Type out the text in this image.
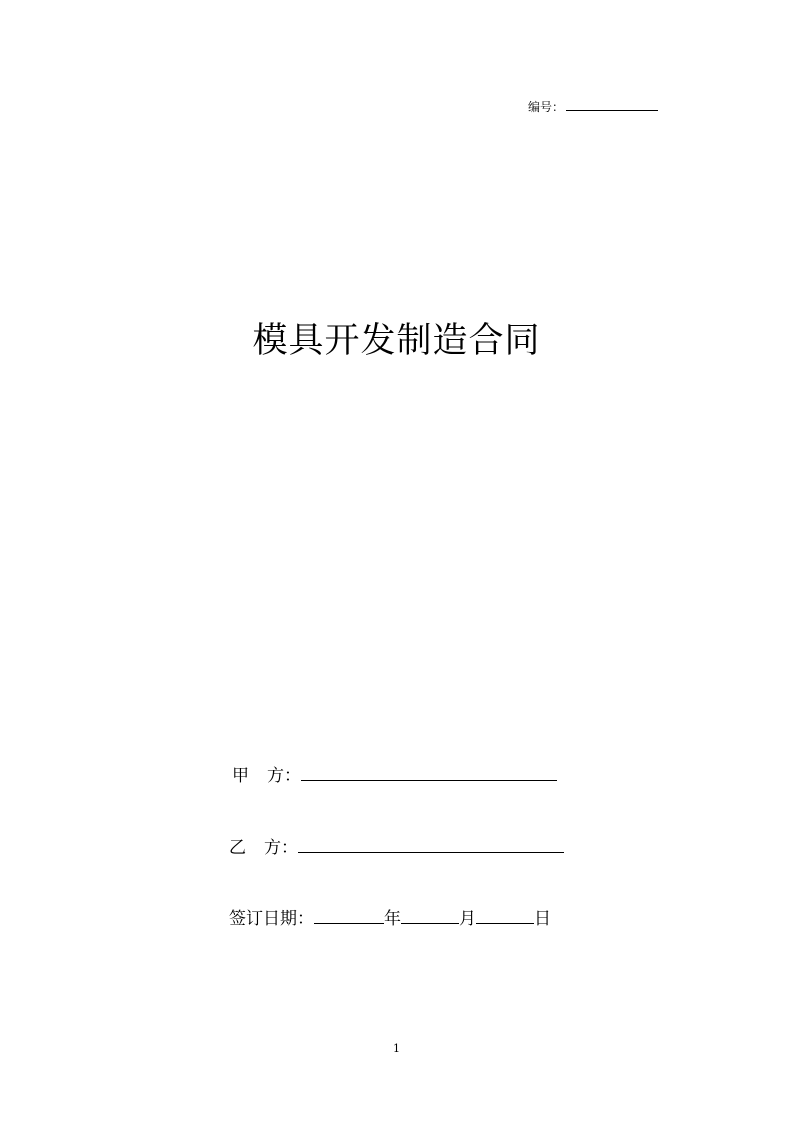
编号：
模具开发制造合同
甲 方：
乙 方：
签订日期：	年	月	日
1
